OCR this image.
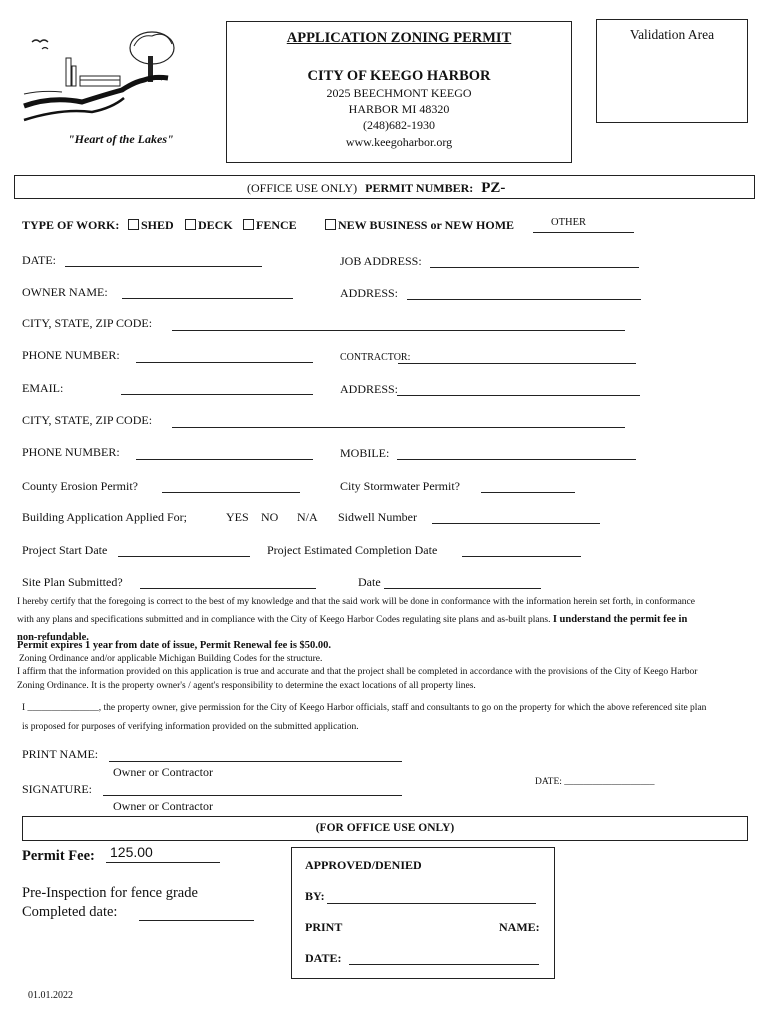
"Heart of the Lakes"
APPLICATION ZONING PERMIT
CITY OF KEEGO HARBOR
2025 BEECHMONT KEEGO
HARBOR MI 48320
(248)682-1930
www.keegoharbor.org
Validation Area
(OFFICE USE ONLY) PERMIT NUMBER: PZ-
TYPE OF WORK:	SHED	DECK	FENCE	NEW BUSINESS or NEW HOME	OTHER
DATE:	JOB ADDRESS:
OWNER NAME:	ADDRESS:
CITY, STATE, ZIP CODE:
PHONE NUMBER:	CONTRACTOR:
EMAIL:	ADDRESS:
CITY, STATE, ZIP CODE:
PHONE NUMBER:	MOBILE:
County Erosion Permit?	City Stormwater Permit?
Building Application Applied For;	YES NO N/A Sidwell Number
Project Start Date	Project Estimated Completion Date
Site Plan Submitted?	Date
I hereby certify that the foregoing is correct to the best of my knowledge and that the said work will be done in conformance with the information herein set forth, in conformance with any plans and specifications submitted and in compliance with the City of Keego Harbor Codes regulating site plans and as-built plans. I understand the permit fee in non-refundable.
Permit expires 1 year from date of issue, Permit Renewal fee is $50.00.
Zoning Ordinance and/or applicable Michigan Building Codes for the structure.
I affirm that the information provided on this application is true and accurate and that the project shall be completed in accordance with the provisions of the City of Keego Harbor Zoning Ordinance. It is the property owner's / agent's responsibility to determine the exact locations of all property lines.
I _______________, the property owner, give permission for the City of Keego Harbor officials, staff and consultants to go on the property for which the above referenced site plan is proposed for purposes of verifying information provided on the submitted application.
PRINT NAME:
Owner or Contractor
SIGNATURE:
Owner or Contractor
DATE: ___________________
(FOR OFFICE USE ONLY)
Permit Fee: 125.00
Pre-Inspection for fence grade
Completed date:
APPROVED/DENIED
BY:
PRINT	NAME:
DATE:
01.01.2022
